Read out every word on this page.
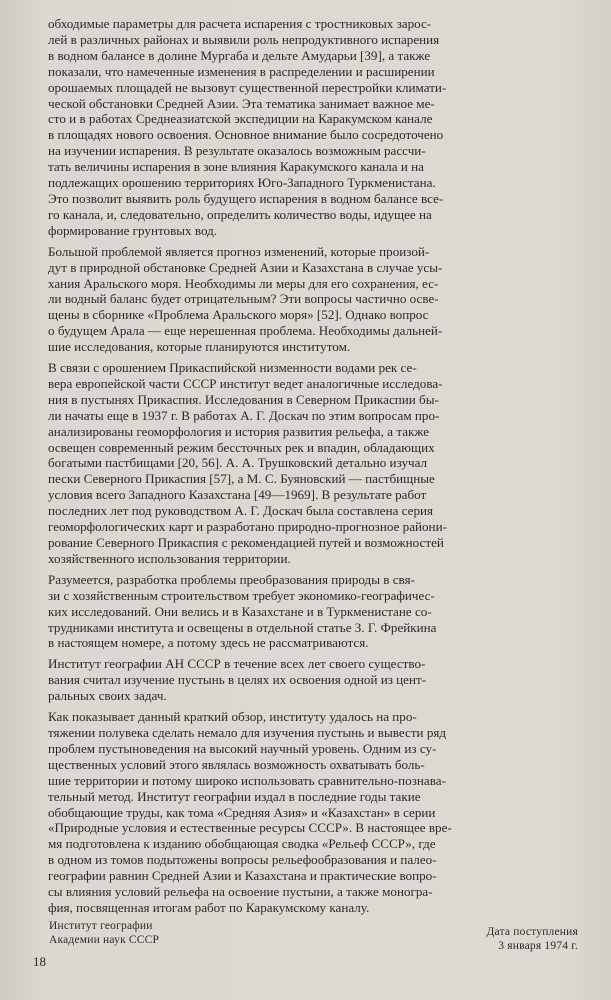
обходимые параметры для расчета испарения с тростниковых зарос-
лей в различных районах и выявили роль непродуктивного испарения
в водном балансе в долине Мургаба и дельте Амударьи [39], а также
показали, что намеченные изменения в распределении и расширении
орошаемых площадей не вызовут существенной перестройки климати-
ческой обстановки Средней Азии. Эта тематика занимает важное ме-
сто и в работах Среднеазиатской экспедиции на Каракумском канале
в площадях нового освоения. Основное внимание было сосредоточено
на изучении испарения. В результате оказалось возможным рассчи-
тать величины испарения в зоне влияния Каракумского канала и на
подлежащих орошению территориях Юго-Западного Туркменистана.
Это позволит выявить роль будущего испарения в водном балансе все-
го канала, и, следовательно, определить количество воды, идущее на
формирование грунтовых вод.

Большой проблемой является прогноз изменений, которые произой-
дут в природной обстановке Средней Азии и Казахстана в случае усы-
хания Аральского моря. Необходимы ли меры для его сохранения, ес-
ли водный баланс будет отрицательным? Эти вопросы частично осве-
щены в сборнике «Проблема Аральского моря» [52]. Однако вопрос
о будущем Арала — еще нерешенная проблема. Необходимы дальней-
шие исследования, которые планируются институтом.

В связи с орошением Прикаспийской низменности водами рек се-
вера европейской части СССР институт ведет аналогичные исследова-
ния в пустынях Прикаспия. Исследования в Северном Прикаспии бы-
ли начаты еще в 1937 г. В работах А. Г. Доскач по этим вопросам про-
анализированы геоморфология и история развития рельефа, а также
освещен современный режим бессточных рек и впадин, обладающих
богатыми пастбищами [20, 56]. А. А. Трушковский детально изучал
пески Северного Прикаспия [57], а М. С. Буяновский — пастбищные
условия всего Западного Казахстана [49—1969]. В результате работ
последних лет под руководством А. Г. Доскач была составлена серия
геоморфологических карт и разработано природно-прогнозное райони-
рование Северного Прикаспия с рекомендацией путей и возможностей
хозяйственного использования территории.

Разумеется, разработка проблемы преобразования природы в свя-
зи с хозяйственным строительством требует экономико-географичес-
ких исследований. Они велись и в Казахстане и в Туркменистане со-
трудниками института и освещены в отдельной статье З. Г. Фрейкина
в настоящем номере, а потому здесь не рассматриваются.

Институт географии АН СССР в течение всех лет своего существо-
вания считал изучение пустынь в целях их освоения одной из цент-
ральных своих задач.

Как показывает данный краткий обзор, институту удалось на про-
тяжении полувека сделать немало для изучения пустынь и вывести ряд
проблем пустыноведения на высокий научный уровень. Одним из су-
щественных условий этого являлась возможность охватывать боль-
шие территории и потому широко использовать сравнительно-познава-
тельный метод. Институт географии издал в последние годы такие
обобщающие труды, как тома «Средняя Азия» и «Казахстан» в серии
«Природные условия и естественные ресурсы СССР». В настоящее вре-
мя подготовлена к изданию обобщающая сводка «Рельеф СССР», где
в одном из томов подытожены вопросы рельефообразования и палео-
географии равнин Средней Азии и Казахстана и практические вопро-
сы влияния условий рельефа на освоение пустыни, а также моногра-
фия, посвященная итогам работ по Каракумскому каналу.

Институт географии
Академии наук СССР
Дата поступления
3 января 1974 г.
18
